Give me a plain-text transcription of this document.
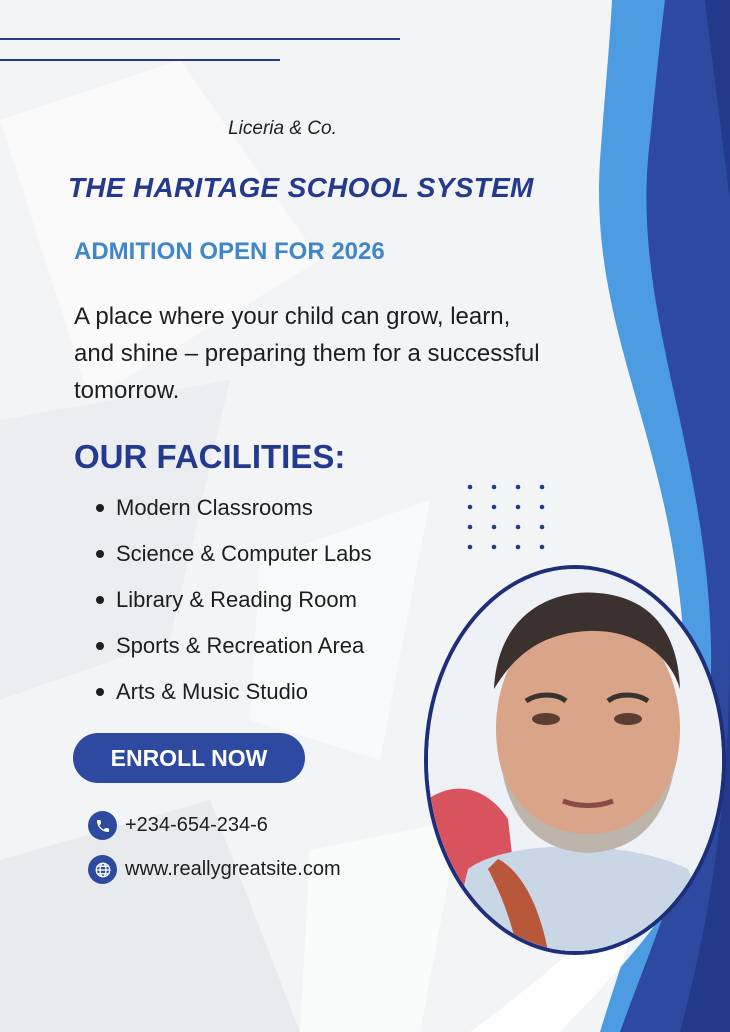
Liceria & Co.
THE HARITAGE SCHOOL SYSTEM
ADMITION OPEN FOR 2026
A place where your child can grow, learn, and shine – preparing them for a successful tomorrow.
OUR FACILITIES:
Modern Classrooms
Science & Computer Labs
Library & Reading Room
Sports & Recreation Area
Arts & Music Studio
ENROLL NOW
+234-654-234-6
www.reallygreatsite.com
